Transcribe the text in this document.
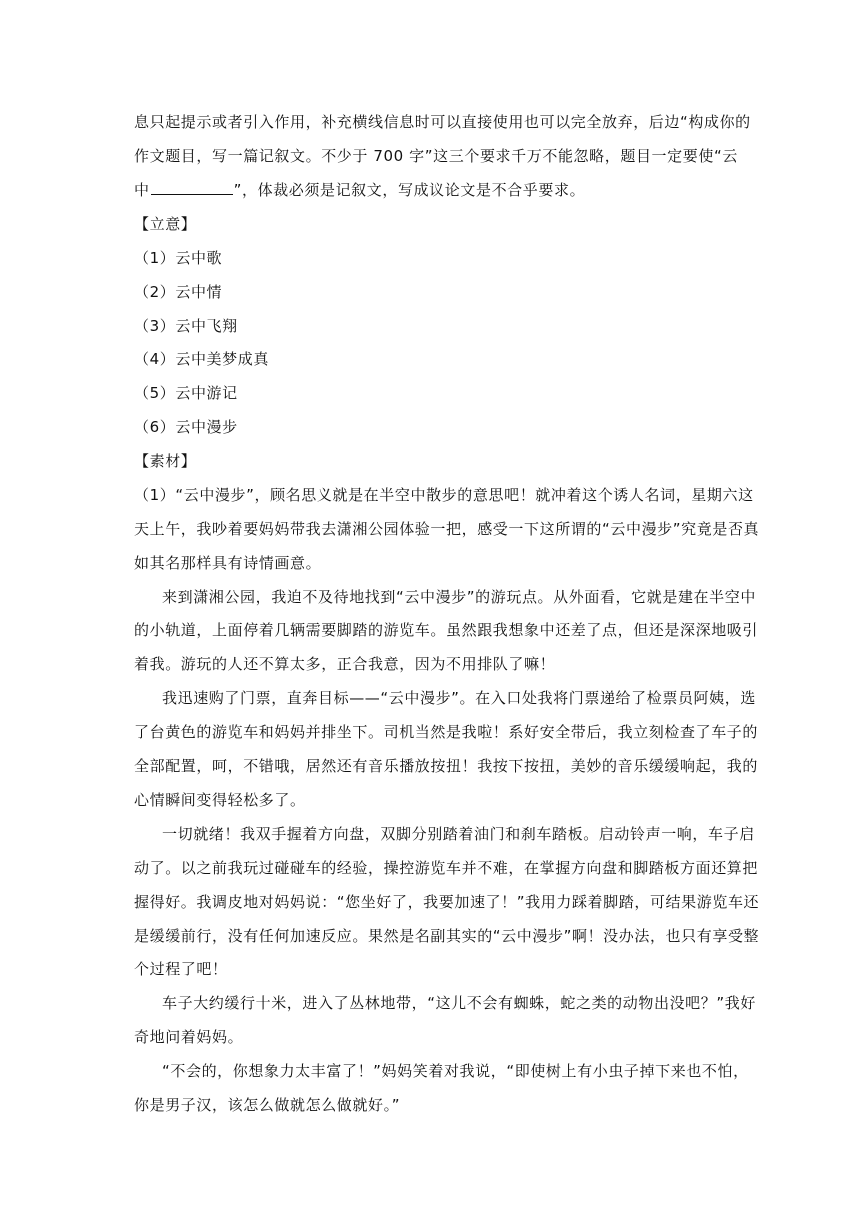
息只起提示或者引入作用，补充横线信息时可以直接使用也可以完全放弃，后边“构成你的
作文题目，写一篇记叙文。不少于 700 字”这三个要求千万不能忽略，题目一定要使“云
中	”，体裁必须是记叙文，写成议论文是不合乎要求。
【立意】
（1）云中歌
（2）云中情
（3）云中飞翔
（4）云中美梦成真
（5）云中游记
（6）云中漫步
【素材】
（1）“云中漫步”，顾名思义就是在半空中散步的意思吧！就冲着这个诱人名词，星期六这
天上午，我吵着要妈妈带我去潇湘公园体验一把，感受一下这所谓的“云中漫步”究竟是否真
如其名那样具有诗情画意。
来到潇湘公园，我迫不及待地找到“云中漫步”的游玩点。从外面看，它就是建在半空中
的小轨道，上面停着几辆需要脚踏的游览车。虽然跟我想象中还差了点，但还是深深地吸引
着我。游玩的人还不算太多，正合我意，因为不用排队了嘛！
我迅速购了门票，直奔目标——“云中漫步”。在入口处我将门票递给了检票员阿姨，选
了台黄色的游览车和妈妈并排坐下。司机当然是我啦！系好安全带后，我立刻检查了车子的
全部配置，呵，不错哦，居然还有音乐播放按扭！我按下按扭，美妙的音乐缓缓响起，我的
心情瞬间变得轻松多了。
一切就绪！我双手握着方向盘，双脚分别踏着油门和刹车踏板。启动铃声一响，车子启
动了。以之前我玩过碰碰车的经验，操控游览车并不难，在掌握方向盘和脚踏板方面还算把
握得好。我调皮地对妈妈说：“您坐好了，我要加速了！”我用力踩着脚踏，可结果游览车还
是缓缓前行，没有任何加速反应。果然是名副其实的“云中漫步”啊！没办法，也只有享受整
个过程了吧！
车子大约缓行十米，进入了丛林地带，“这儿不会有蜘蛛，蛇之类的动物出没吧？”我好
奇地问着妈妈。
“不会的，你想象力太丰富了！”妈妈笑着对我说，“即使树上有小虫子掉下来也不怕，
你是男子汉，该怎么做就怎么做就好。”
